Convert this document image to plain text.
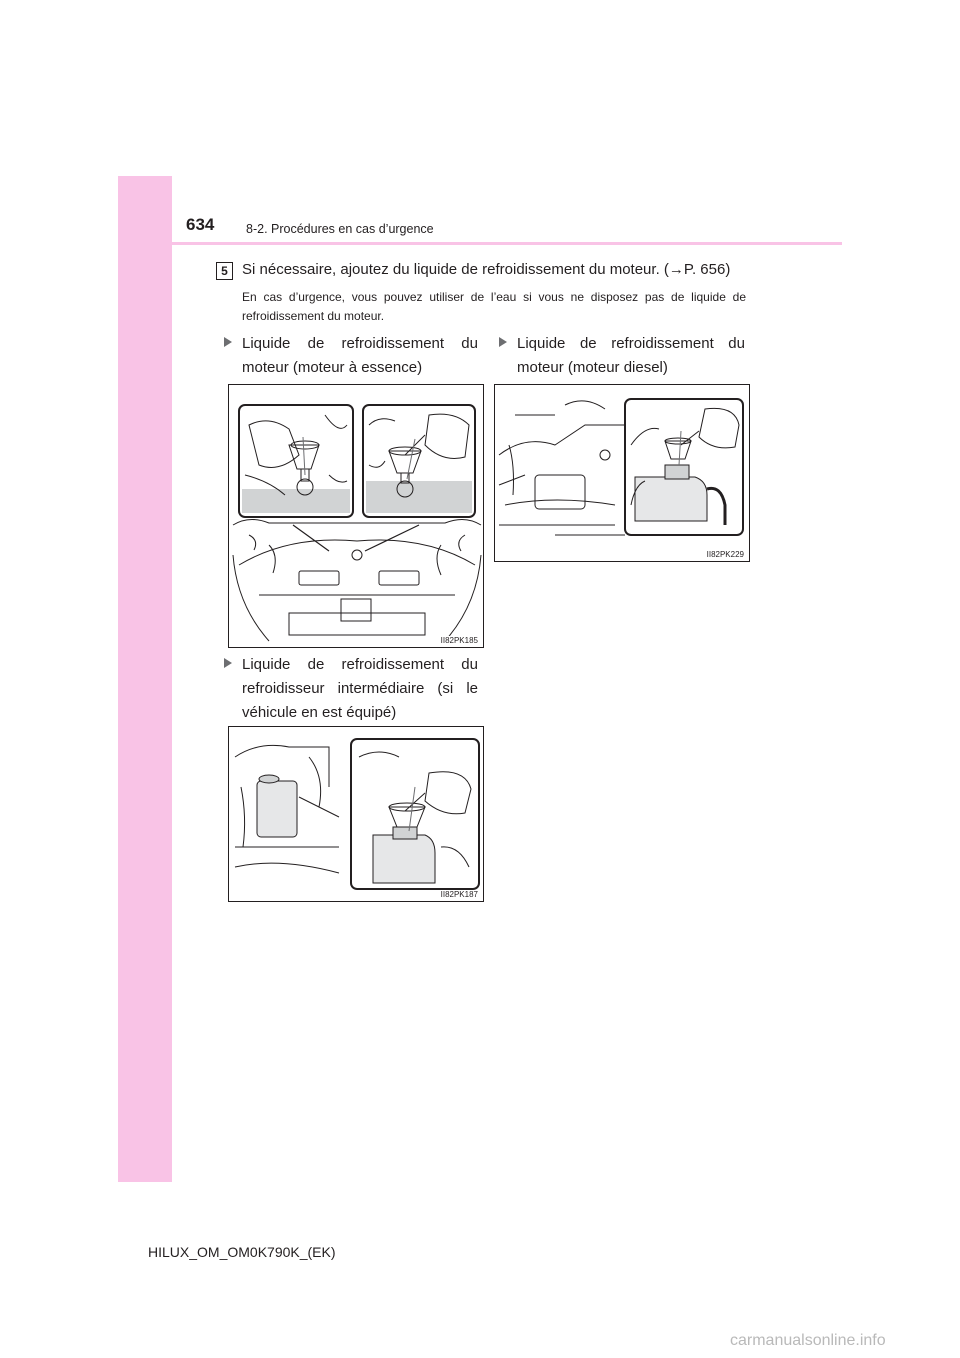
634	8-2. Procédures en cas d’urgence
5 Si nécessaire, ajoutez du liquide de refroidissement du moteur. (→P. 656)
En cas d’urgence, vous pouvez utiliser de l’eau si vous ne disposez pas de liquide de refroidissement du moteur.
Liquide de refroidissement du moteur (moteur à essence)
Liquide de refroidissement du moteur (moteur diesel)
II82PK185
II82PK229
Liquide de refroidissement du refroidisseur intermédiaire (si le véhicule en est équipé)
II82PK187
HILUX_OM_OM0K790K_(EK)
carmanualsonline.info
